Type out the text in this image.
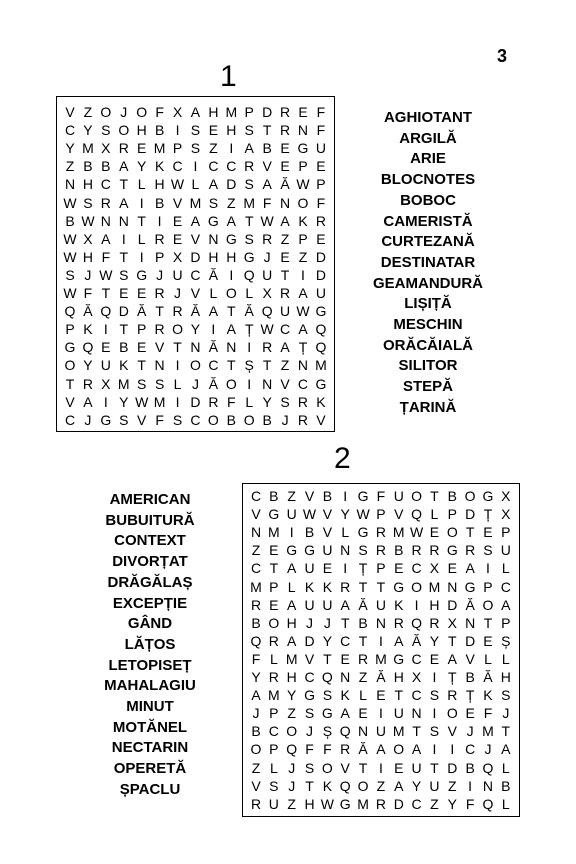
3
1
V Z O J O F X A H M P D R E F
C Y S O H B I S E H S T R N F
Y M X R E M P S Z I A B E G U
Z B B A Y K C I C C R V E P E
N H C T L H W L A D S A Ă W P
W S R A I B V M S Z M F N O F
B W N N T I E A G A T W A K R
W X A I L R E V N G S R Z P E
W H F T I P X D H H G J E Z D
S J W S G J U C Ă I Q U T I D
W F T E E R J V L O L X R A U
Q Ă Q D Ă T R Ă A T Ă Q U W G
P K I T P R O Y I A Ț W C A Q
G Q E B E V T N Ă N I R A Ț Q
O Y U K T N I O C T Ș T Z N M
T R X M S S L J Ă O I N V C G
V A I Y W M I D R F L Y S R K
C J G S V F S C O B O B J R V
AGHIOTANT
ARGILĂ
ARIE
BLOCNOTES
BOBOC
CAMERISTĂ
CURTEZANĂ
DESTINATAR
GEAMANDURĂ
LIȘIȚĂ
MESCHIN
ORĂCĂIALĂ
SILITOR
STEPĂ
ȚARINĂ
2
C B Z V B I G F U O T B O G X
V G U W V Y W P V Q L P D Ț X
N M I B V L G R M W E O T E P
Z E G G U N S R B R R G R S U
C T A U E I Ț P E C X E A I L
M P L K K R T T G O M N G P C
R E A U U A Ă U K I H D Ă O A
B O H J J T B N R Q R X N T P
Q R A D Y C T I A Ă Y T D E Ș
F L M V T E R M G C E A V L L
Y R H C Q N Z Ă H X I Ț B Ă H
A M Y G S K L E T C S R Ț K S
J P Z S G A E I U N I O E F J
B C O J Ș Q N U M T S V J M T
O P Q F F R Ă A O A I I C J A
Z L J S O V T I E U T D B Q L
V S J T K Q O Z A Y U Z I N B
R U Z H W G M R D C Z Y F Q L
AMERICAN
BUBUITURĂ
CONTEXT
DIVORȚAT
DRĂGĂLAȘ
EXCEPȚIE
GÂND
LĂȚOS
LETOPISEȚ
MAHALAGIU
MINUT
MOTĂNEL
NECTARIN
OPERETĂ
ȘPACLU
